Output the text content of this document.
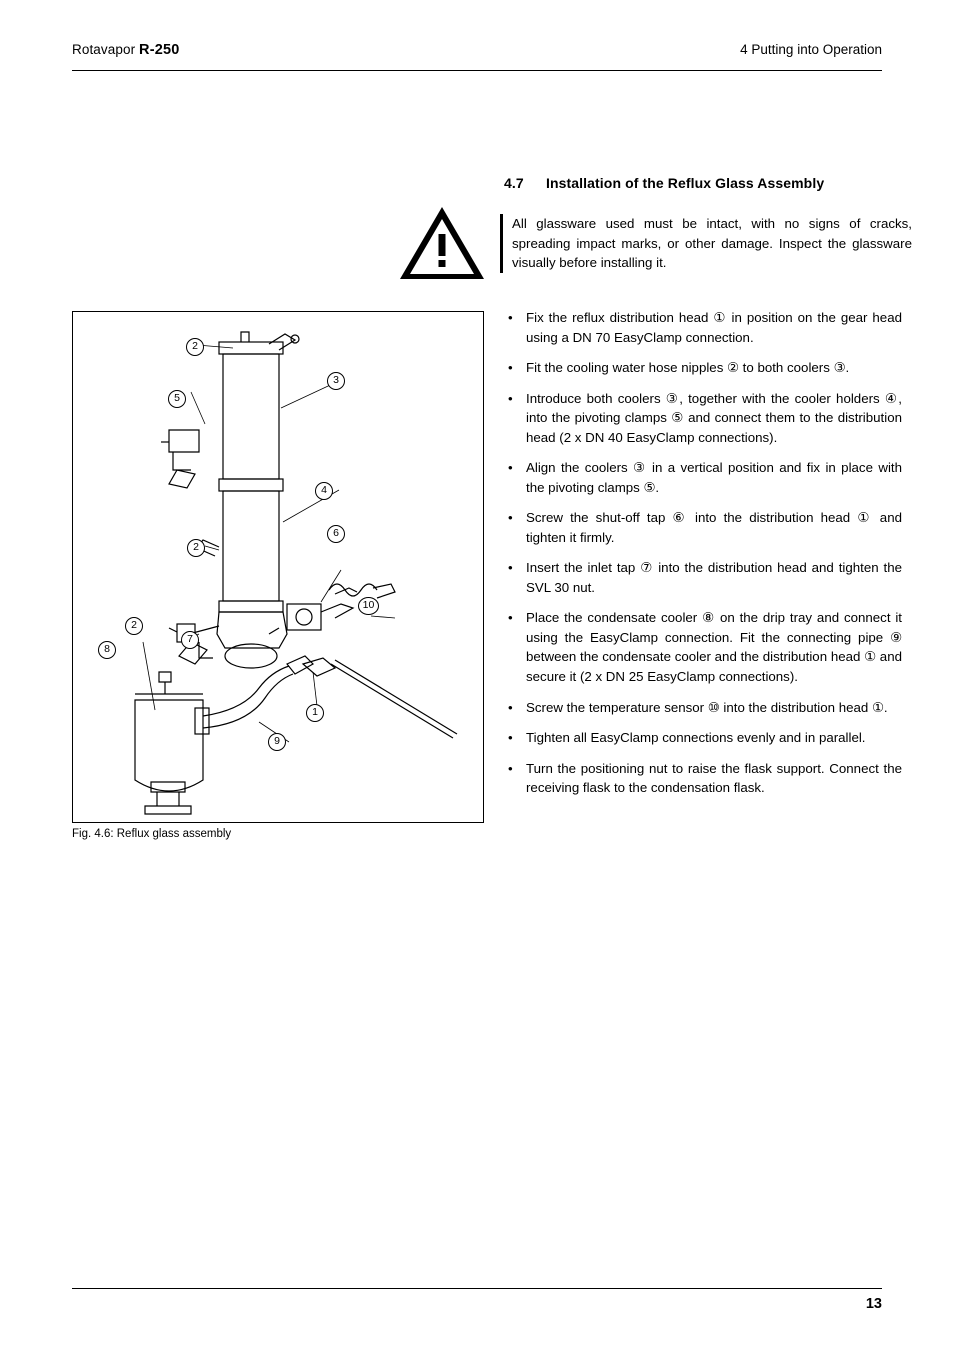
Rotavapor R-250	4 Putting into Operation
4.7 Installation of the Reflux Glass Assembly
All glassware used must be intact, with no signs of cracks, spreading impact marks, or other damage. Inspect the glassware visually before installing it.
• Fix the reflux distribution head ① in position on the gear head using a DN 70 EasyClamp connection.
• Fit the cooling water hose nipples ② to both coolers ③.
• Introduce both coolers ③, together with the cooler holders ④, into the pivoting clamps ⑤ and connect them to the distribution head (2 x DN 40 EasyClamp connections).
• Align the coolers ③ in a vertical position and fix in place with the pivoting clamps ⑤.
• Screw the shut-off tap ⑥ into the distribution head ① and tighten it firmly.
• Insert the inlet tap ⑦ into the distribution head and tighten the SVL 30 nut.
• Place the condensate cooler ⑧ on the drip tray and connect it using the EasyClamp connection. Fit the connecting pipe ⑨ between the condensate cooler and the distribution head ① and secure it (2 x DN 25 EasyClamp connections).
• Screw the temperature sensor ⑩ into the distribution head ①.
• Tighten all EasyClamp connections evenly and in parallel.
• Turn the positioning nut to raise the flask support. Connect the receiving flask to the condensation flask.
2
3
5
4
2
6
10
2
7
8
1
9
Fig. 4.6: Reflux glass assembly
13
